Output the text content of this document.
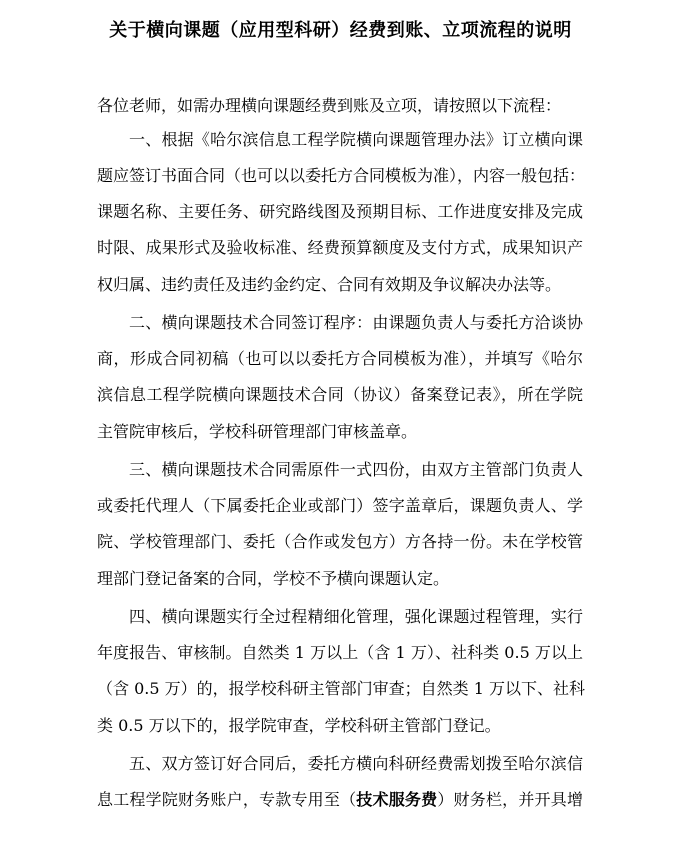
关于横向课题（应用型科研）经费到账、立项流程的说明
各位老师，如需办理横向课题经费到账及立项，请按照以下流程：
一、根据《哈尔滨信息工程学院横向课题管理办法》订立横向课
题应签订书面合同（也可以以委托方合同模板为准），内容一般包括：
课题名称、主要任务、研究路线图及预期目标、工作进度安排及完成
时限、成果形式及验收标准、经费预算额度及支付方式，成果知识产
权归属、违约责任及违约金约定、合同有效期及争议解决办法等。
二、横向课题技术合同签订程序：由课题负责人与委托方洽谈协
商，形成合同初稿（也可以以委托方合同模板为准），并填写《哈尔
滨信息工程学院横向课题技术合同（协议）备案登记表》，所在学院
主管院审核后，学校科研管理部门审核盖章。
三、横向课题技术合同需原件一式四份，由双方主管部门负责人
或委托代理人（下属委托企业或部门）签字盖章后，课题负责人、学
院、学校管理部门、委托（合作或发包方）方各持一份。未在学校管
理部门登记备案的合同，学校不予横向课题认定。
四、横向课题实行全过程精细化管理，强化课题过程管理，实行
年度报告、审核制。自然类 1 万以上（含 1 万）、社科类 0.5 万以上
（含 0.5 万）的，报学校科研主管部门审查；自然类 1 万以下、社科
类 0.5 万以下的，报学院审查，学校科研主管部门登记。
五、双方签订好合同后，委托方横向科研经费需划拨至哈尔滨信
息工程学院财务账户，专款专用至（技术服务费）财务栏，并开具增
